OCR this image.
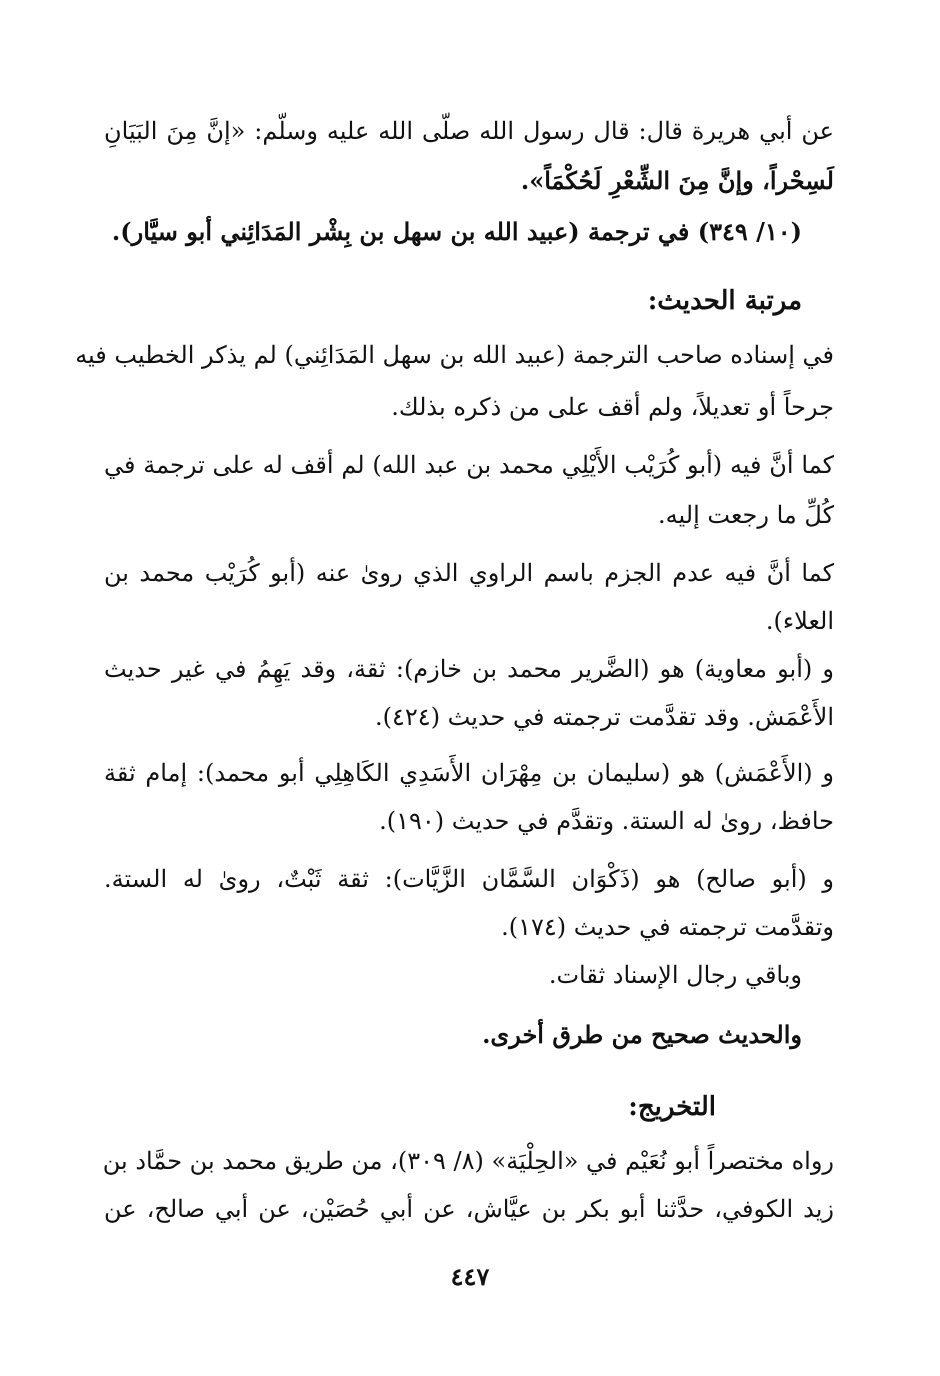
عن أبي هريرة قال: قال رسول الله صلّى الله عليه وسلّم: «إنَّ مِنَ البَيَانِ

لَسِحْراً، وإنَّ مِنَ الشِّعْرِ لَحُكْمَاً».

(١٠/ ٣٤٩) في ترجمة (عبيد الله بن سهل بن بِشْر المَدَائِني أبو سيَّار).

مرتبة الحديث:

في إسناده صاحب الترجمة (عبيد الله بن سهل المَدَائِني) لم يذكر الخطيب فيه

جرحاً أو تعديلاً، ولم أقف على من ذكره بذلك.

كما أنَّ فيه (أبو كُرَيْب الأَيْلِي محمد بن عبد الله) لم أقف له على ترجمة في

كُلِّ ما رجعت إليه.

كما أنَّ فيه عدم الجزم باسم الراوي الذي روىٰ عنه (أبو كُرَيْب محمد بن

العلاء).

و (أبو معاوية) هو (الضَّرير محمد بن خازم): ثقة، وقد يَهِمُ في غير حديث

الأَعْمَش. وقد تقدَّمت ترجمته في حديث (٤٢٤).

و (الأَعْمَش) هو (سليمان بن مِهْرَان الأَسَدِي الكَاهِلِي أبو محمد): إمام ثقة

حافظ، روىٰ له الستة. وتقدَّم في حديث (١٩٠).

و (أبو صالح) هو (ذَكْوَان السَّمَّان الزَّيَّات): ثقة ثَبْتٌ، روىٰ له الستة.

وتقدَّمت ترجمته في حديث (١٧٤).

وباقي رجال الإسناد ثقات.

والحديث صحيح من طرق أخرى.

التخريج:

رواه مختصراً أبو نُعَيْم في «الحِلْيَة» (٨/ ٣٠٩)، من طريق محمد بن حمَّاد بن

زيد الكوفي، حدَّثنا أبو بكر بن عيَّاش، عن أبي حُصَيْن، عن أبي صالح، عن

٤٤٧
